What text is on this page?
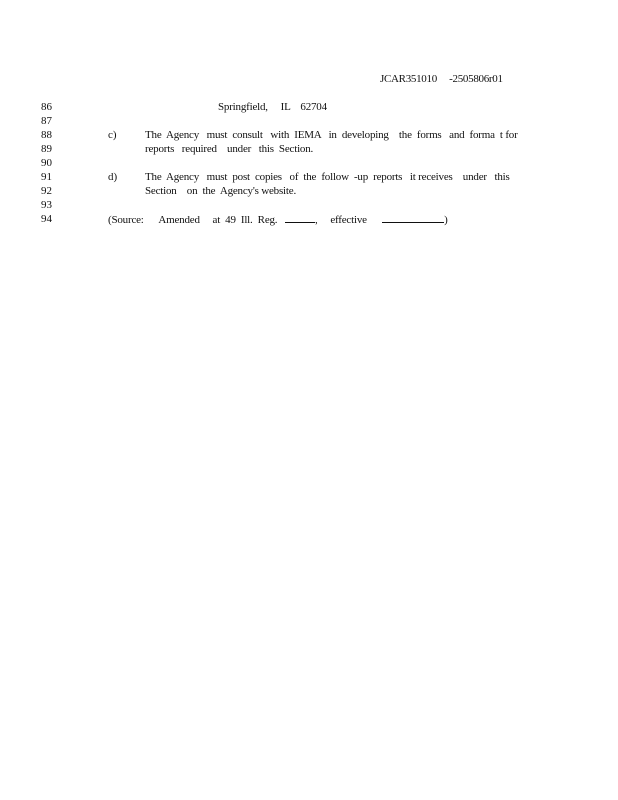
JCAR351010 -2505806r01
86
87
88
89
90
91
92
93
94
Springfield, IL 62704
c)	The  Agency   must  consult   with  IEMA   in  developing    the  forms   and  forma  t for
reports   required    under   this  Section.
d)	The  Agency   must  post  copies   of  the  follow  -up  reports   it receives    under   this
Section    on  the  Agency's website.
(Source: Amended at  49  Ill.  Reg.	, effective	)
